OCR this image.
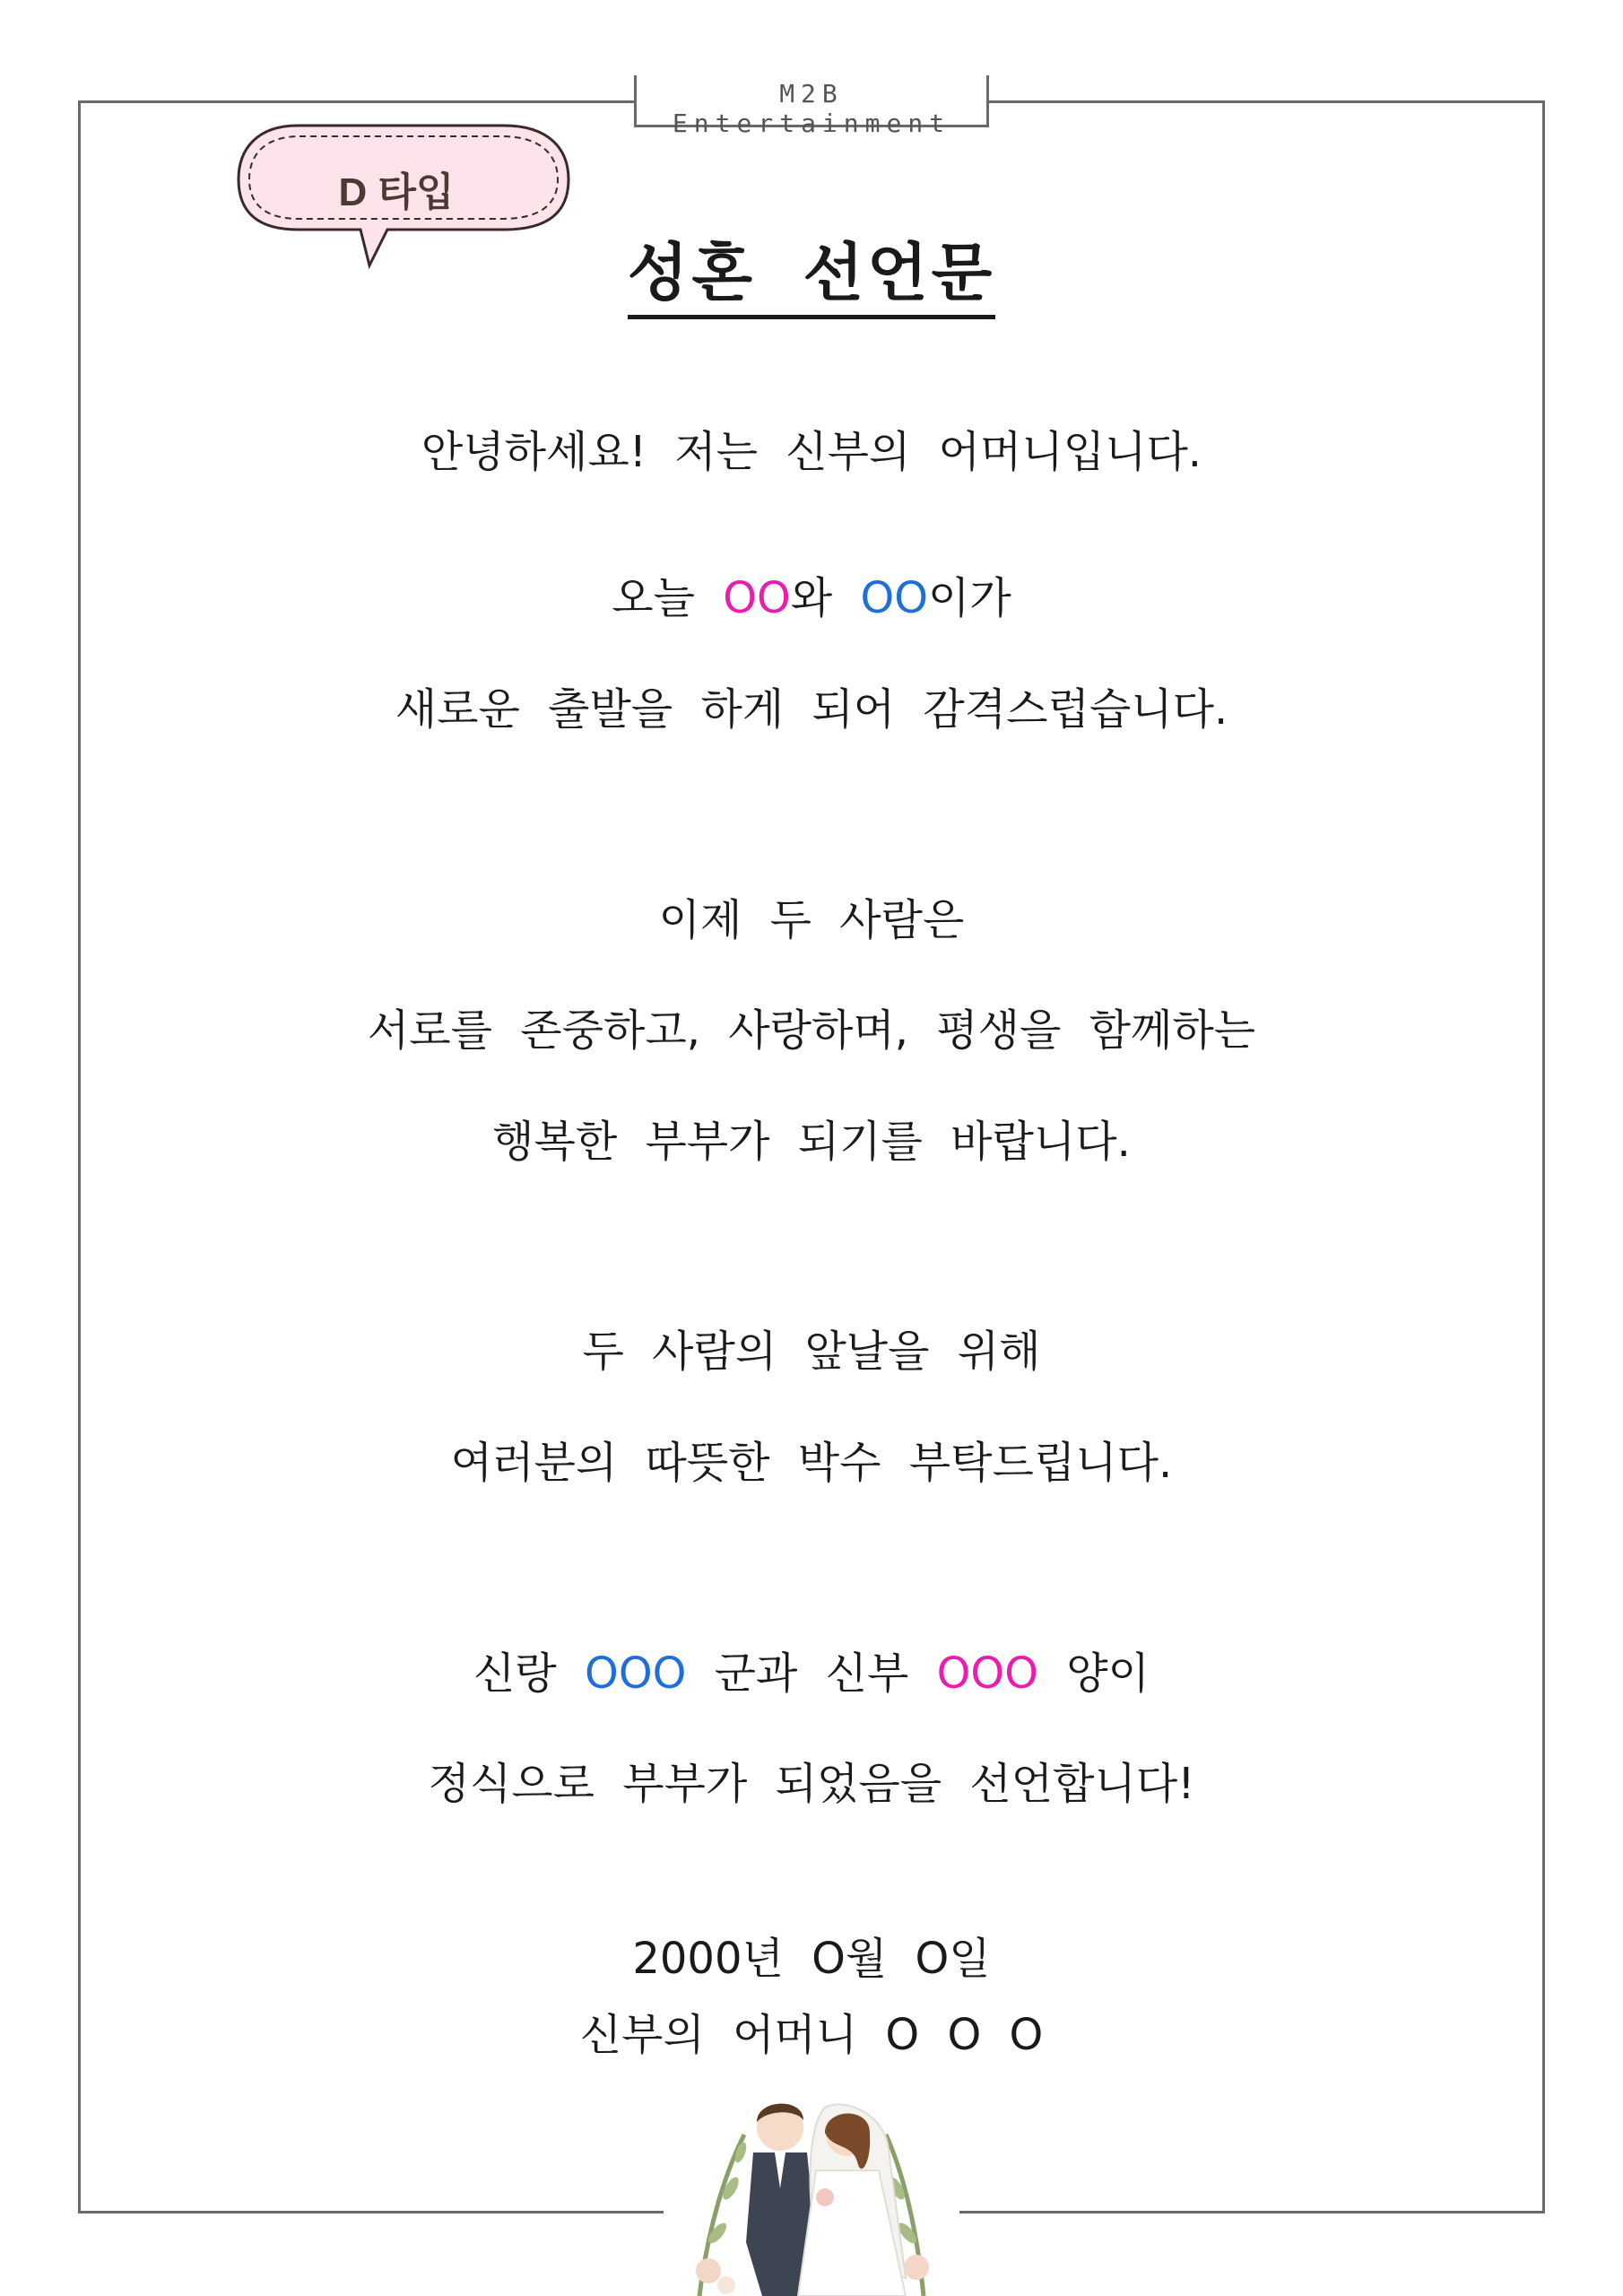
M2B Entertainment
D 타입
성혼 선언문
안녕하세요! 저는 신부의 어머니입니다.
오늘 OO와 OO이가
새로운 출발을 하게 되어 감격스럽습니다.
이제 두 사람은
서로를 존중하고, 사랑하며, 평생을 함께하는
행복한 부부가 되기를 바랍니다.
두 사람의 앞날을 위해
여러분의 따뜻한 박수 부탁드립니다.
신랑 OOO 군과 신부 OOO 양이
정식으로 부부가 되었음을 선언합니다!
2000년 O월 O일
신부의 어머니 O O O
